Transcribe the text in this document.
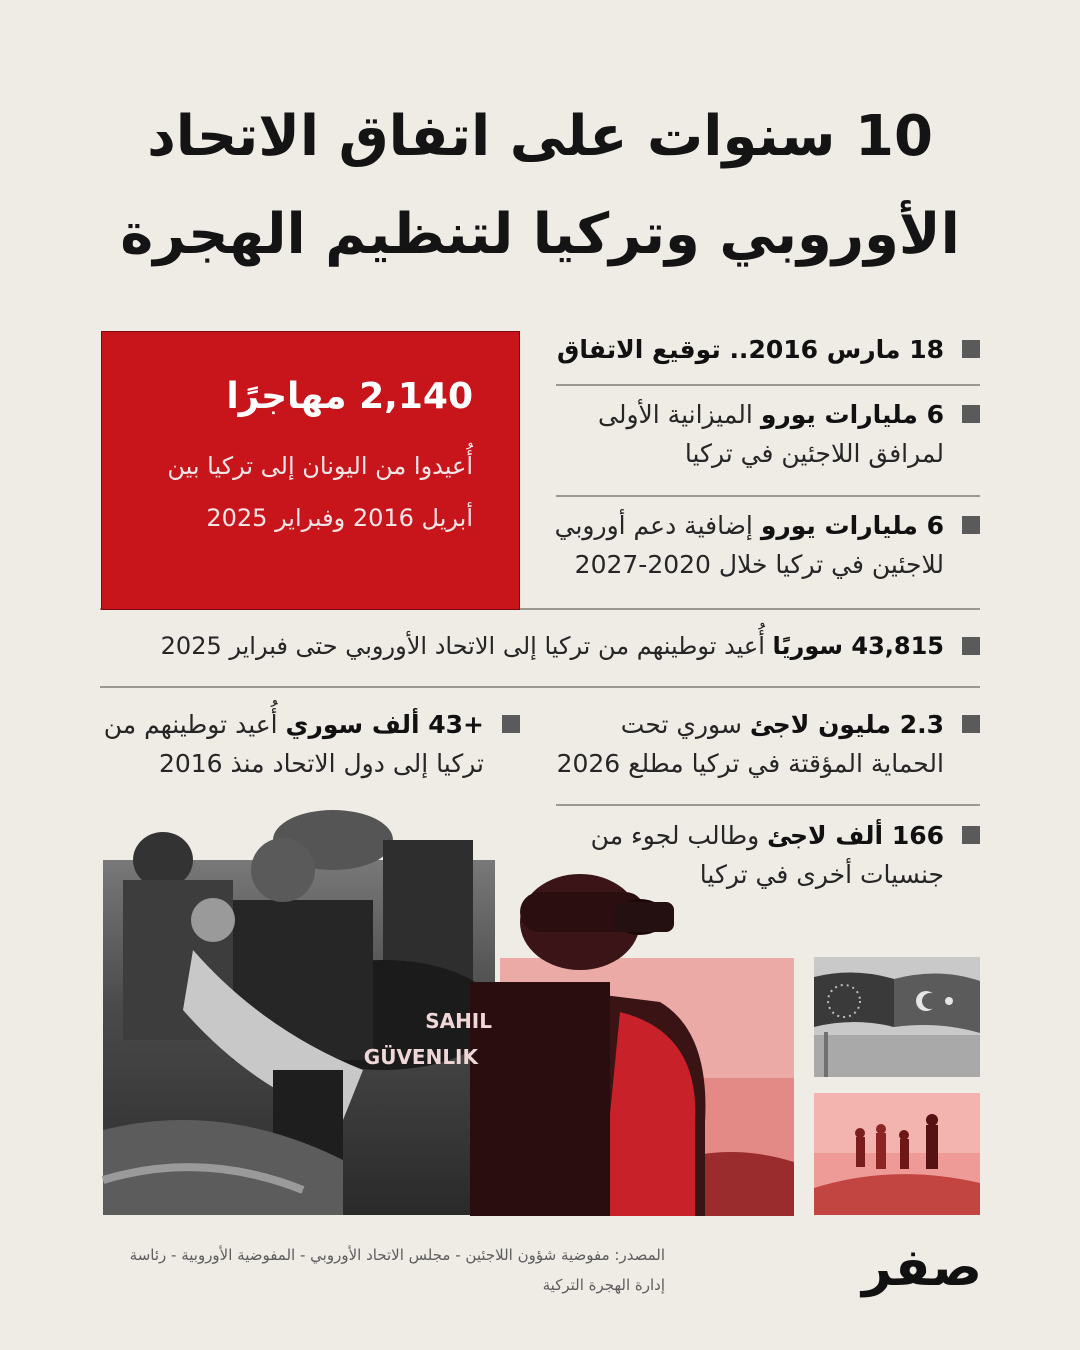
10 سنوات على اتفاق الاتحاد
الأوروبي وتركيا لتنظيم الهجرة

18 مارس 2016.. توقيع الاتفاق

6 مليارات يورو الميزانية الأولى لمرافق اللاجئين في تركيا

6 مليارات يورو إضافية دعم أوروبي للاجئين في تركيا خلال 2020-2027

2,140 مهاجرًا

أُعيدوا من اليونان إلى تركيا بين أبريل 2016 وفبراير 2025

43,815 سوريًا أُعيد توطينهم من تركيا إلى الاتحاد الأوروبي حتى فبراير 2025

2.3 مليون لاجئ سوري تحت الحماية المؤقتة في تركيا مطلع 2026

+43 ألف سوري أُعيد توطينهم من تركيا إلى دول الاتحاد منذ 2016

166 ألف لاجئ وطالب لجوء من جنسيات أخرى في تركيا

SAHIL
GÜVENLIK

المصدر: مفوضية شؤون اللاجئين - مجلس الاتحاد الأوروبي - المفوضية الأوروبية - رئاسة إدارة الهجرة التركية	صفر
